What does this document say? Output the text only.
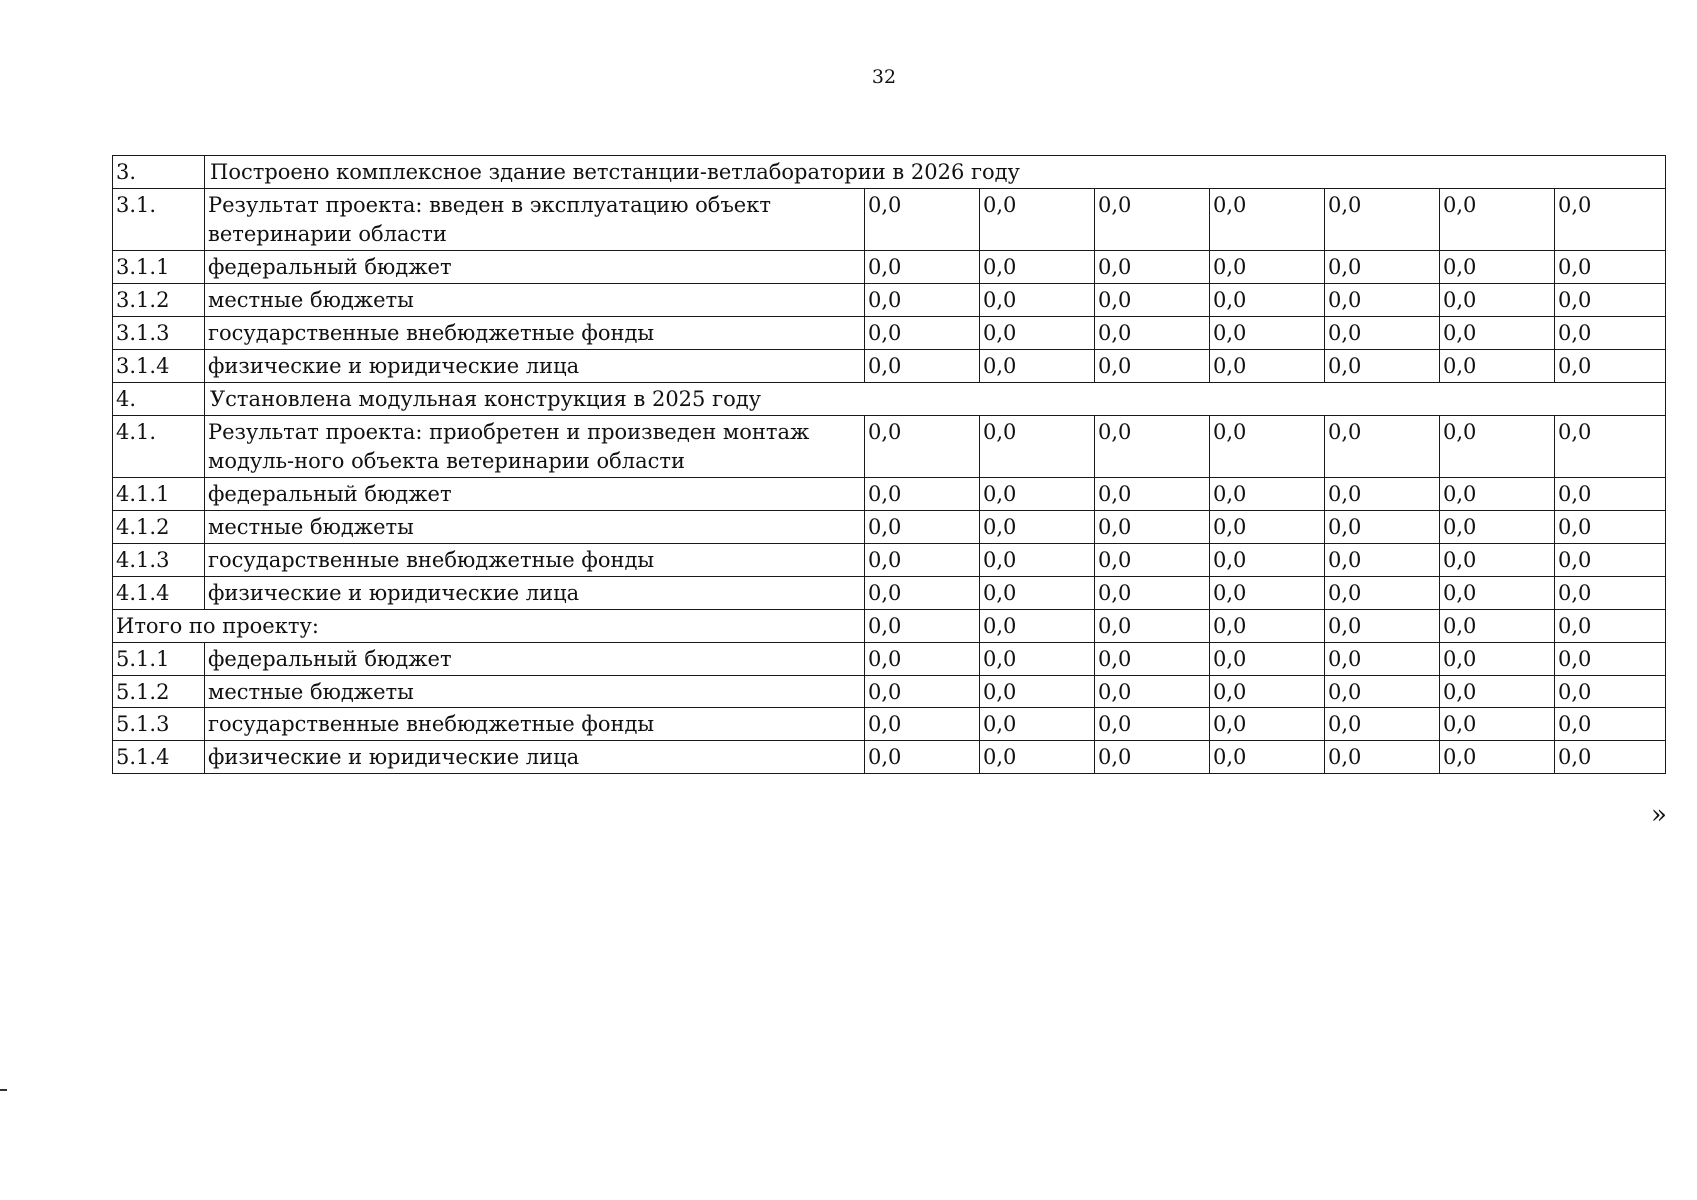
32
3.	Построено комплексное здание ветстанции-ветлаборатории в 2026 году							
3.1.	Результат проекта: введен в эксплуатацию объект ветеринарии области	0,0	0,0	0,0	0,0	0,0	0,0	0,0
3.1.1	федеральный бюджет	0,0	0,0	0,0	0,0	0,0	0,0	0,0
3.1.2	местные бюджеты	0,0	0,0	0,0	0,0	0,0	0,0	0,0
3.1.3	государственные внебюджетные фонды	0,0	0,0	0,0	0,0	0,0	0,0	0,0
3.1.4	физические и юридические лица	0,0	0,0	0,0	0,0	0,0	0,0	0,0
4.	Установлена модульная конструкция в 2025 году							
4.1.	Результат проекта: приобретен и произведен монтаж модуль-ного объекта ветеринарии области	0,0	0,0	0,0	0,0	0,0	0,0	0,0
4.1.1	федеральный бюджет	0,0	0,0	0,0	0,0	0,0	0,0	0,0
4.1.2	местные бюджеты	0,0	0,0	0,0	0,0	0,0	0,0	0,0
4.1.3	государственные внебюджетные фонды	0,0	0,0	0,0	0,0	0,0	0,0	0,0
4.1.4	физические и юридические лица	0,0	0,0	0,0	0,0	0,0	0,0	0,0
Итого по проекту:		0,0	0,0	0,0	0,0	0,0	0,0	0,0
5.1.1	федеральный бюджет	0,0	0,0	0,0	0,0	0,0	0,0	0,0
5.1.2	местные бюджеты	0,0	0,0	0,0	0,0	0,0	0,0	0,0
5.1.3	государственные внебюджетные фонды	0,0	0,0	0,0	0,0	0,0	0,0	0,0
5.1.4	физические и юридические лица	0,0	0,0	0,0	0,0	0,0	0,0	0,0
»
